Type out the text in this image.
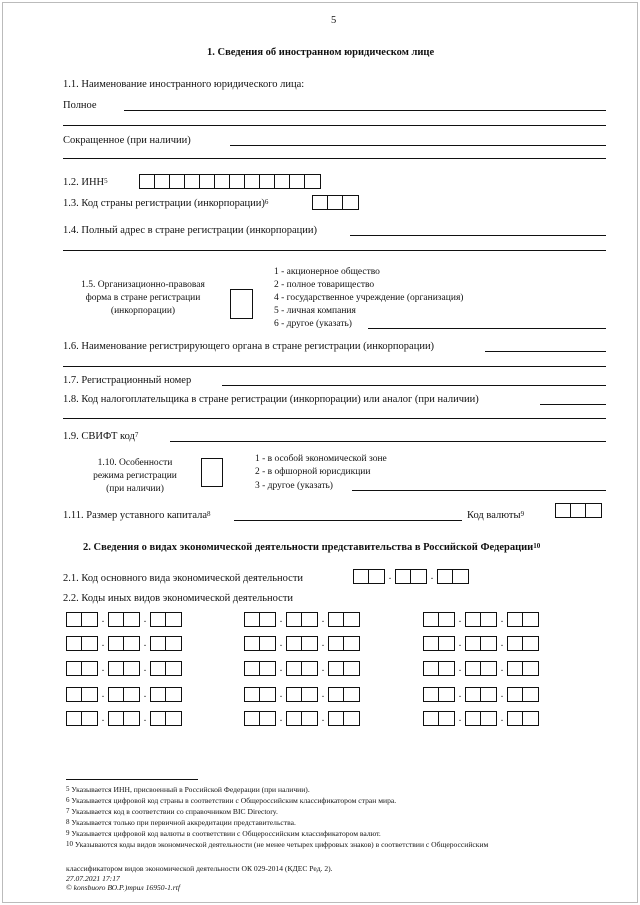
5
1. Сведения об иностранном юридическом лице
1.1. Наименование иностранного юридического лица:
Полное
Сокращенное (при наличии)
1.2. ИНН$^5$
1.3. Код страны регистрации (инкорпорации)$^6$
1.4. Полный адрес в стране регистрации (инкорпорации)
1.5. Организационно-правовая
форма в стране регистрации
(инкорпорации)
1 - акционерное общество
2 - полное товарищество
4 - государственное учреждение (организация)
5 - личная компания
6 - другое (указать)
1.6. Наименование регистрирующего органа в стране регистрации (инкорпорации)
1.7. Регистрационный номер
1.8. Код налогоплательщика в стране регистрации (инкорпорации) или аналог (при наличии)
1.9. СВИФТ код$^7$
1.10. Особенности
режима регистрации
(при наличии)
1 - в особой экономической зоне
2 - в офшорной юрисдикции
3 - другое (указать)
1.11. Размер уставного капитала$^8$	Код валюты$^9$
2. Сведения о видах экономической деятельности представительства в Российской Федерации$^{10}$
2.1. Код основного вида экономической деятельности	.	.
2.2. Коды иных видов экономической деятельности
.	.	.	.	.	.
.	.	.	.	.	.
.	.	.	.	.	.
.	.	.	.	.	.
.	.	.	.	.	.
$^5$ Указывается ИНН, присвоенный в Российской Федерации (при наличии).
$^6$ Указывается цифровой код страны в соответствии с Общероссийским классификатором стран мира.
$^7$ Указывается код в соответствии со справочником BIC Directory.
$^8$ Указывается только при первичной аккредитации представительства.
$^9$ Указывается цифровой код валюты в соответствии с Общероссийским классификатором валют.
$^{10}$ Указываются коды видов экономической деятельности (не менее четырех цифровых знаков) в соответствии с Общероссийским
классификатором видов экономической деятельности ОК 029-2014 (КДЕС Ред. 2).
27.07.2021 17:17
© konsbuoro ВО.Р.)трил 16950-1.rtf
